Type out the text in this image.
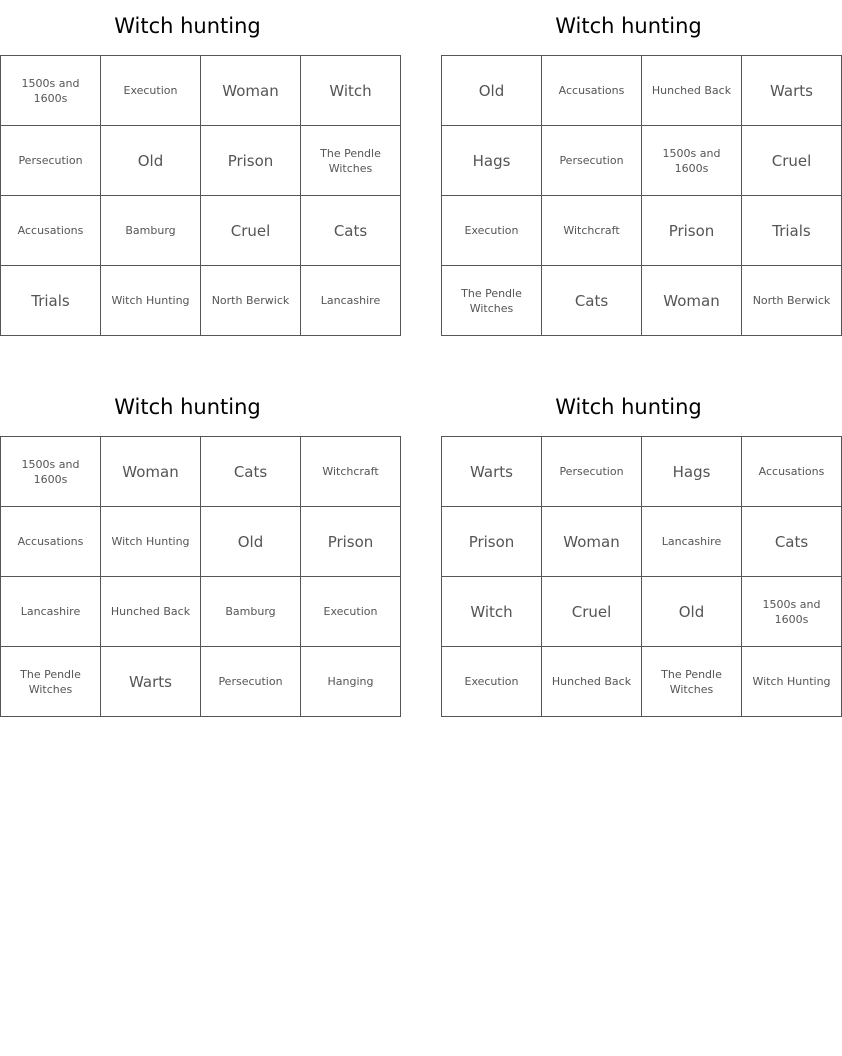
Witch hunting
1500s and 1600s	Execution	Woman	Witch
Persecution	Old	Prison	The Pendle Witches
Accusations	Bamburg	Cruel	Cats
Trials	Witch Hunting	North Berwick	Lancashire
Witch hunting
Old	Accusations	Hunched Back	Warts
Hags	Persecution	1500s and 1600s	Cruel
Execution	Witchcraft	Prison	Trials
The Pendle Witches	Cats	Woman	North Berwick
Witch hunting
1500s and 1600s	Woman	Cats	Witchcraft
Accusations	Witch Hunting	Old	Prison
Lancashire	Hunched Back	Bamburg	Execution
The Pendle Witches	Warts	Persecution	Hanging
Witch hunting
Warts	Persecution	Hags	Accusations
Prison	Woman	Lancashire	Cats
Witch	Cruel	Old	1500s and 1600s
Execution	Hunched Back	The Pendle Witches	Witch Hunting
